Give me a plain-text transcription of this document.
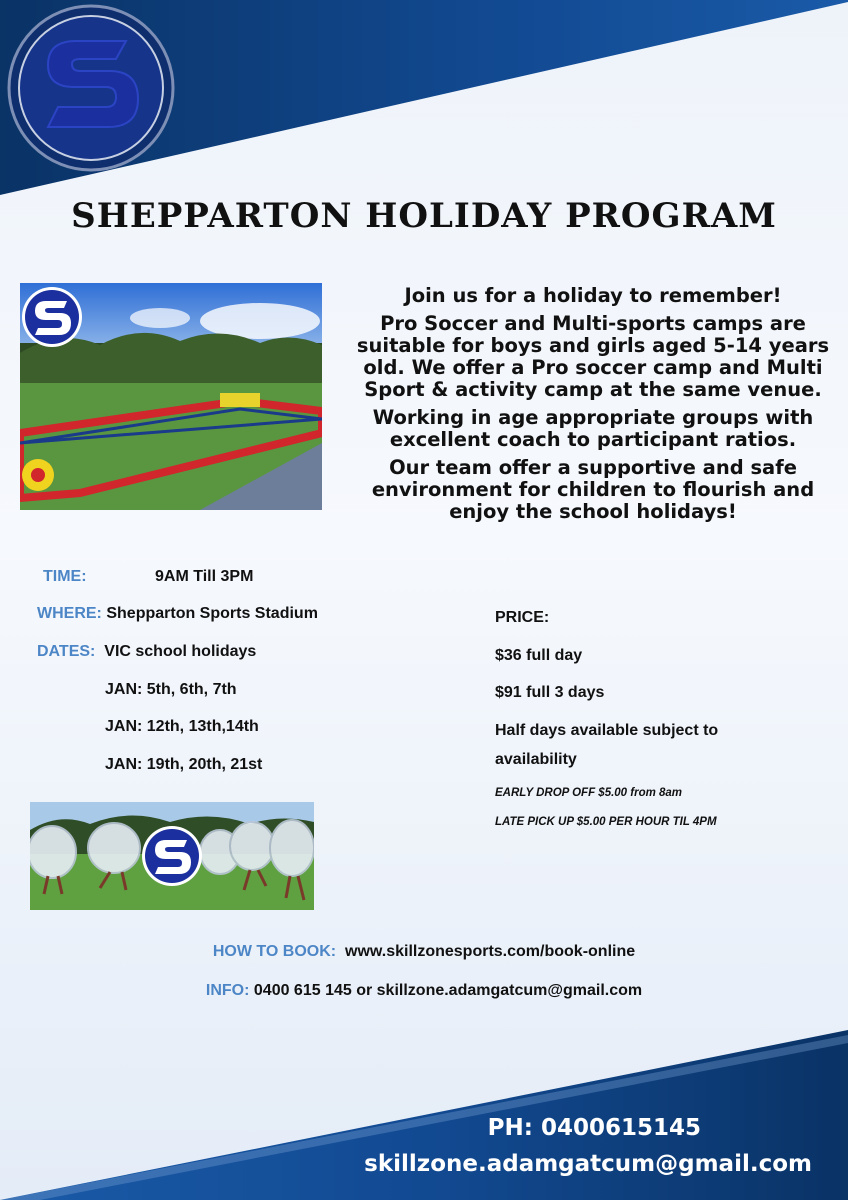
SHEPPARTON HOLIDAY PROGRAM

Join us for a holiday to remember!

Pro Soccer and Multi-sports camps are suitable for boys and girls aged 5-14 years old. We offer a Pro soccer camp and Multi Sport & activity camp at the same venue.

Working in age appropriate groups with excellent coach to participant ratios.

Our team offer a supportive and safe environment for children to flourish and enjoy the school holidays!

TIME:	9AM Till 3PM
WHERE: Shepparton Sports Stadium
DATES: VIC school holidays
JAN: 5th, 6th, 7th
JAN: 12th, 13th,14th
JAN: 19th, 20th, 21st
PRICE:
$36 full day
$91 full 3 days
Half days available subject to
availability
EARLY DROP OFF $5.00 from 8am
LATE PICK UP $5.00 PER HOUR TIL 4PM
HOW TO BOOK: www.skillzonesports.com/book-online
INFO: 0400 615 145 or skillzone.adamgatcum@gmail.com
PH: 0400615145
skillzone.adamgatcum@gmail.com
